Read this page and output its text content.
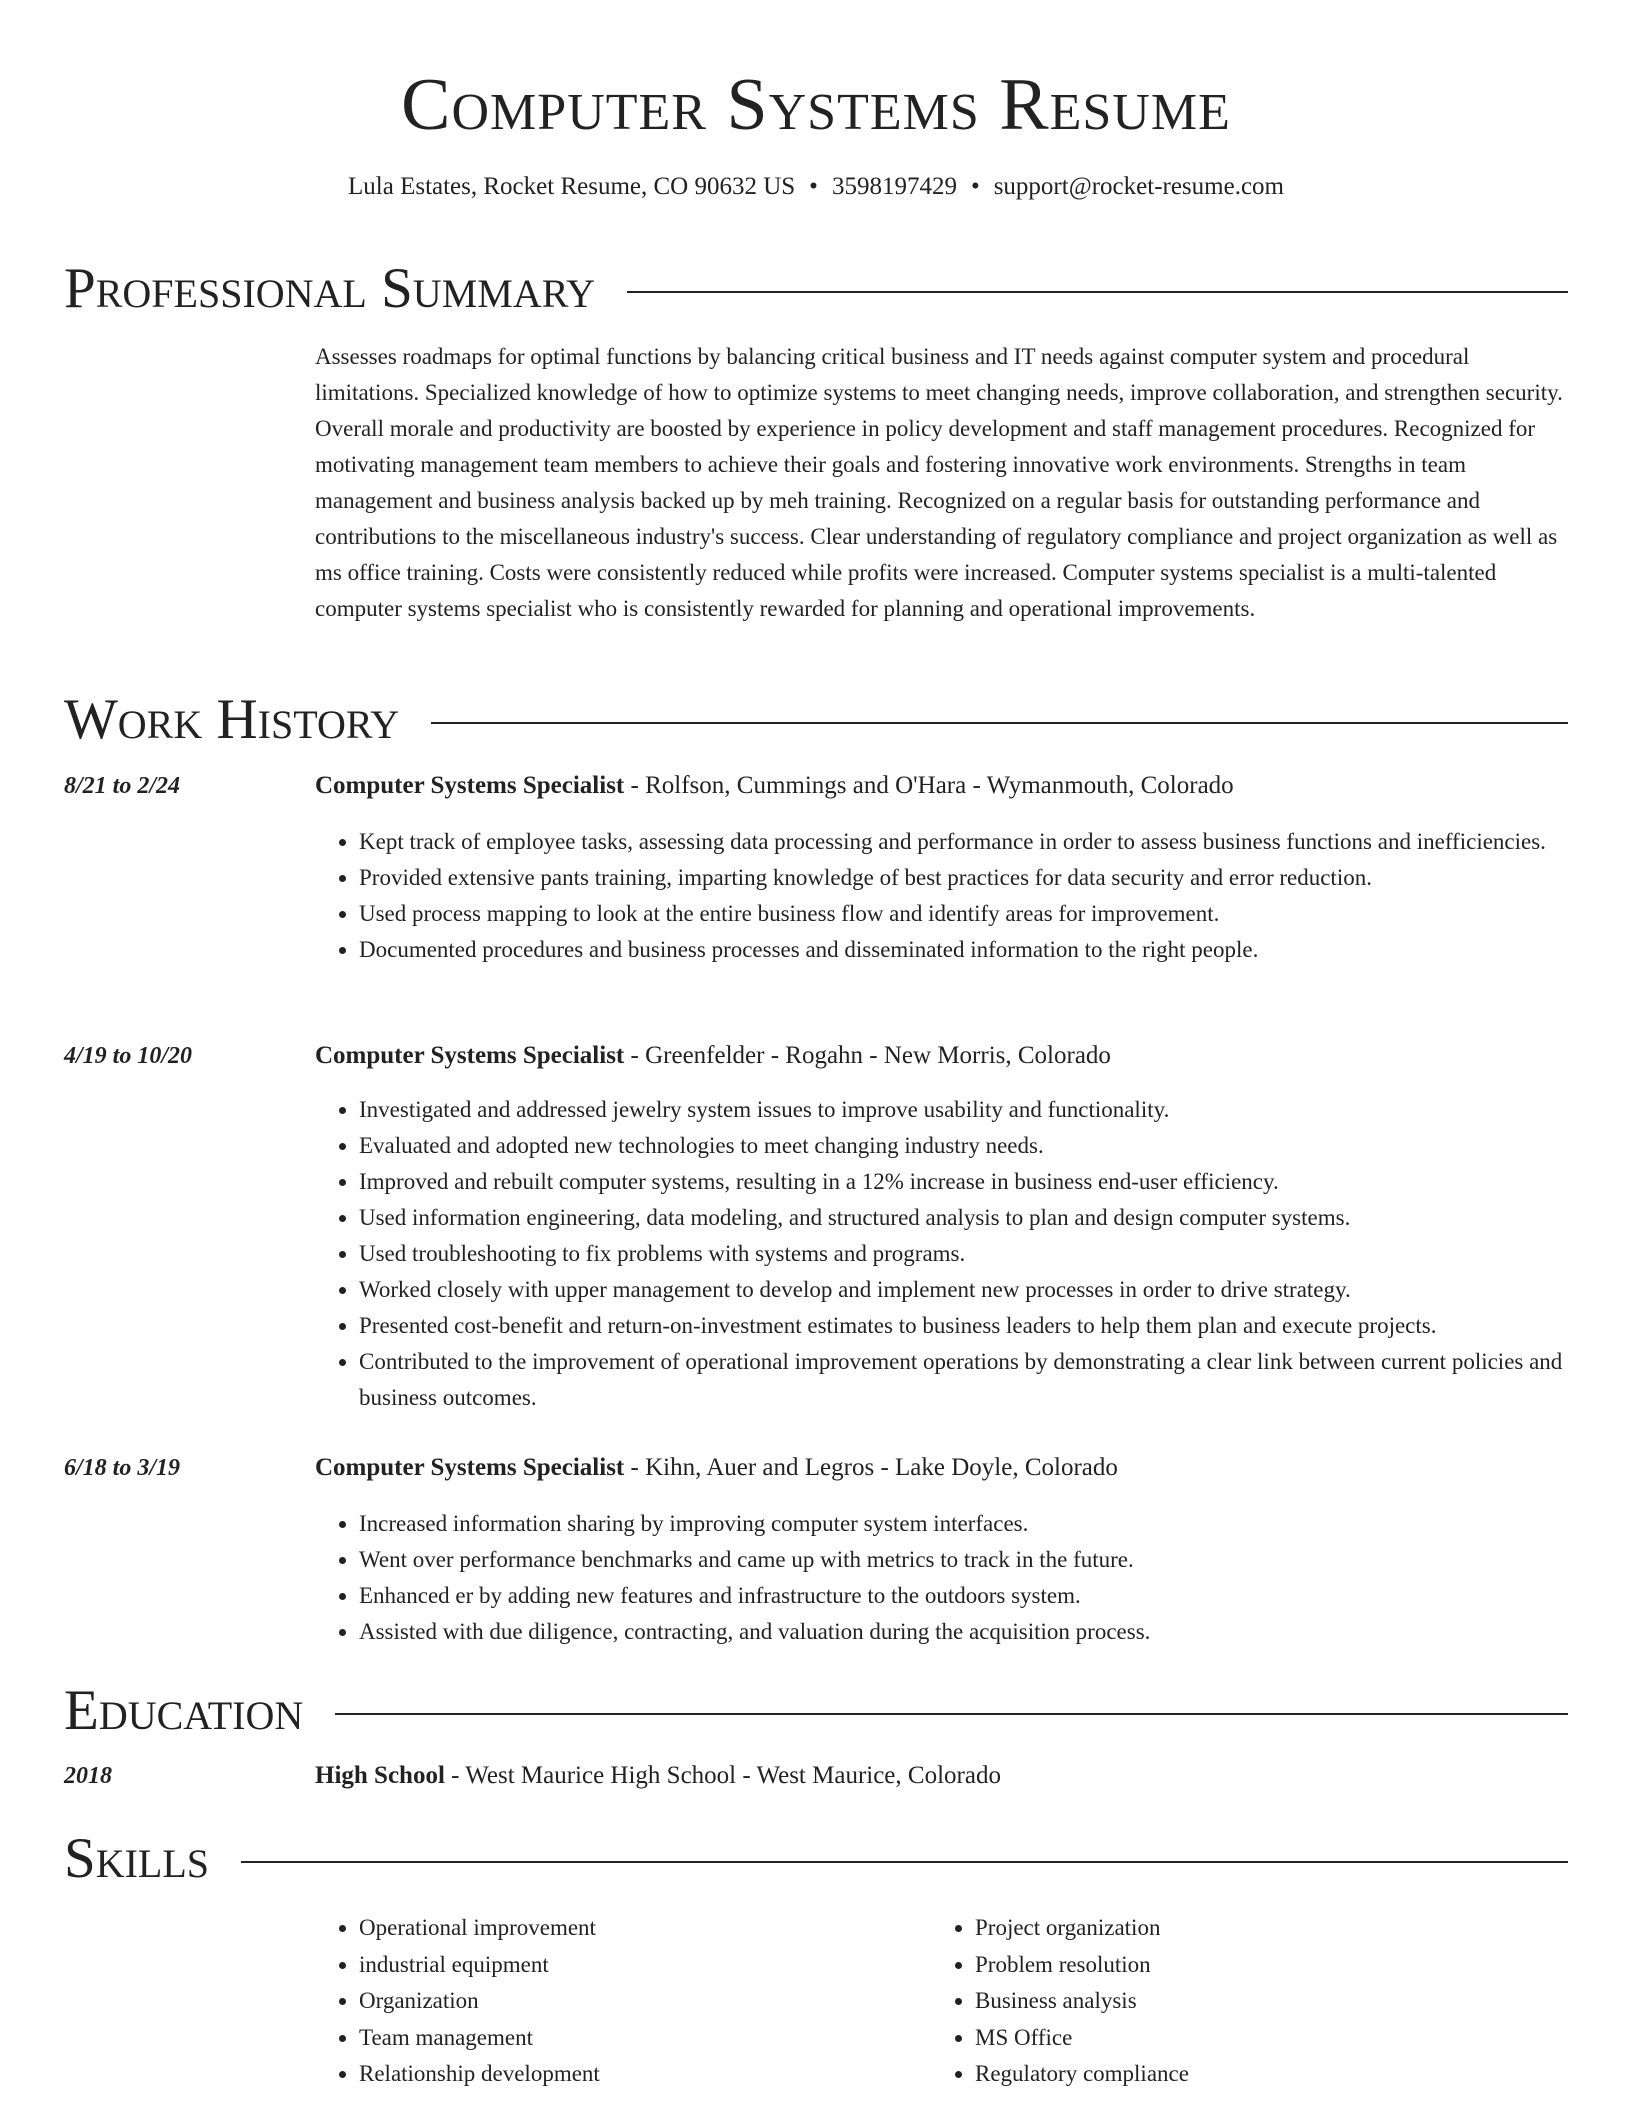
Computer Systems Resume
Lula Estates, Rocket Resume, CO 90632 US • 3598197429 • support@rocket-resume.com
Professional Summary

Assesses roadmaps for optimal functions by balancing critical business and IT needs against computer system and procedural limitations. Specialized knowledge of how to optimize systems to meet changing needs, improve collaboration, and strengthen security. Overall morale and productivity are boosted by experience in policy development and staff management procedures. Recognized for motivating management team members to achieve their goals and fostering innovative work environments. Strengths in team management and business analysis backed up by meh training. Recognized on a regular basis for outstanding performance and contributions to the miscellaneous industry's success. Clear understanding of regulatory compliance and project organization as well as ms office training. Costs were consistently reduced while profits were increased. Computer systems specialist is a multi-talented computer systems specialist who is consistently rewarded for planning and operational improvements.

Work History
8/21 to 2/24	Computer Systems Specialist - Rolfson, Cummings and O'Hara - Wymanmouth, Colorado
• Kept track of employee tasks, assessing data processing and performance in order to assess business functions and inefficiencies.
• Provided extensive pants training, imparting knowledge of best practices for data security and error reduction.
• Used process mapping to look at the entire business flow and identify areas for improvement.
• Documented procedures and business processes and disseminated information to the right people.
4/19 to 10/20	Computer Systems Specialist - Greenfelder - Rogahn - New Morris, Colorado
• Investigated and addressed jewelry system issues to improve usability and functionality.
• Evaluated and adopted new technologies to meet changing industry needs.
• Improved and rebuilt computer systems, resulting in a 12% increase in business end-user efficiency.
• Used information engineering, data modeling, and structured analysis to plan and design computer systems.
• Used troubleshooting to fix problems with systems and programs.
• Worked closely with upper management to develop and implement new processes in order to drive strategy.
• Presented cost-benefit and return-on-investment estimates to business leaders to help them plan and execute projects.
• Contributed to the improvement of operational improvement operations by demonstrating a clear link between current policies and business outcomes.
6/18 to 3/19	Computer Systems Specialist - Kihn, Auer and Legros - Lake Doyle, Colorado
• Increased information sharing by improving computer system interfaces.
• Went over performance benchmarks and came up with metrics to track in the future.
• Enhanced er by adding new features and infrastructure to the outdoors system.
• Assisted with due diligence, contracting, and valuation during the acquisition process.
Education
2018	High School - West Maurice High School - West Maurice, Colorado
Skills
• Operational improvement
• industrial equipment
• Organization
• Team management
• Relationship development
• Project organization
• Problem resolution
• Business analysis
• MS Office
• Regulatory compliance
